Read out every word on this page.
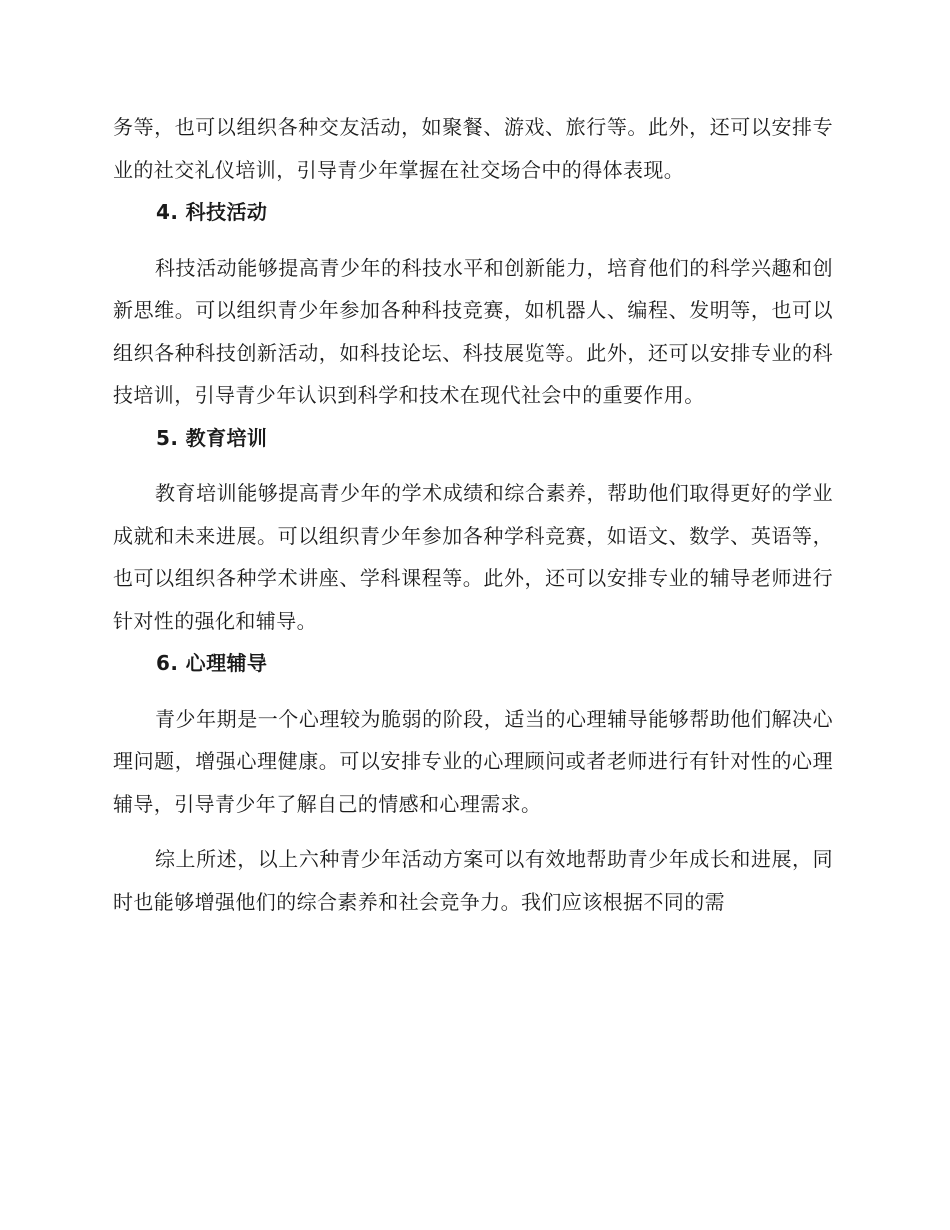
务等，也可以组织各种交友活动，如聚餐、游戏、旅行等。此外，还可以安排专业的社交礼仪培训，引导青少年掌握在社交场合中的得体表现。

4. 科技活动

科技活动能够提高青少年的科技水平和创新能力，培育他们的科学兴趣和创新思维。可以组织青少年参加各种科技竞赛，如机器人、编程、发明等，也可以组织各种科技创新活动，如科技论坛、科技展览等。此外，还可以安排专业的科技培训，引导青少年认识到科学和技术在现代社会中的重要作用。

5. 教育培训

教育培训能够提高青少年的学术成绩和综合素养，帮助他们取得更好的学业成就和未来进展。可以组织青少年参加各种学科竞赛，如语文、数学、英语等，也可以组织各种学术讲座、学科课程等。此外，还可以安排专业的辅导老师进行针对性的强化和辅导。

6. 心理辅导

青少年期是一个心理较为脆弱的阶段，适当的心理辅导能够帮助他们解决心理问题，增强心理健康。可以安排专业的心理顾问或者老师进行有针对性的心理辅导，引导青少年了解自己的情感和心理需求。

综上所述，以上六种青少年活动方案可以有效地帮助青少年成长和进展，同时也能够增强他们的综合素养和社会竞争力。我们应该根据不同的需
